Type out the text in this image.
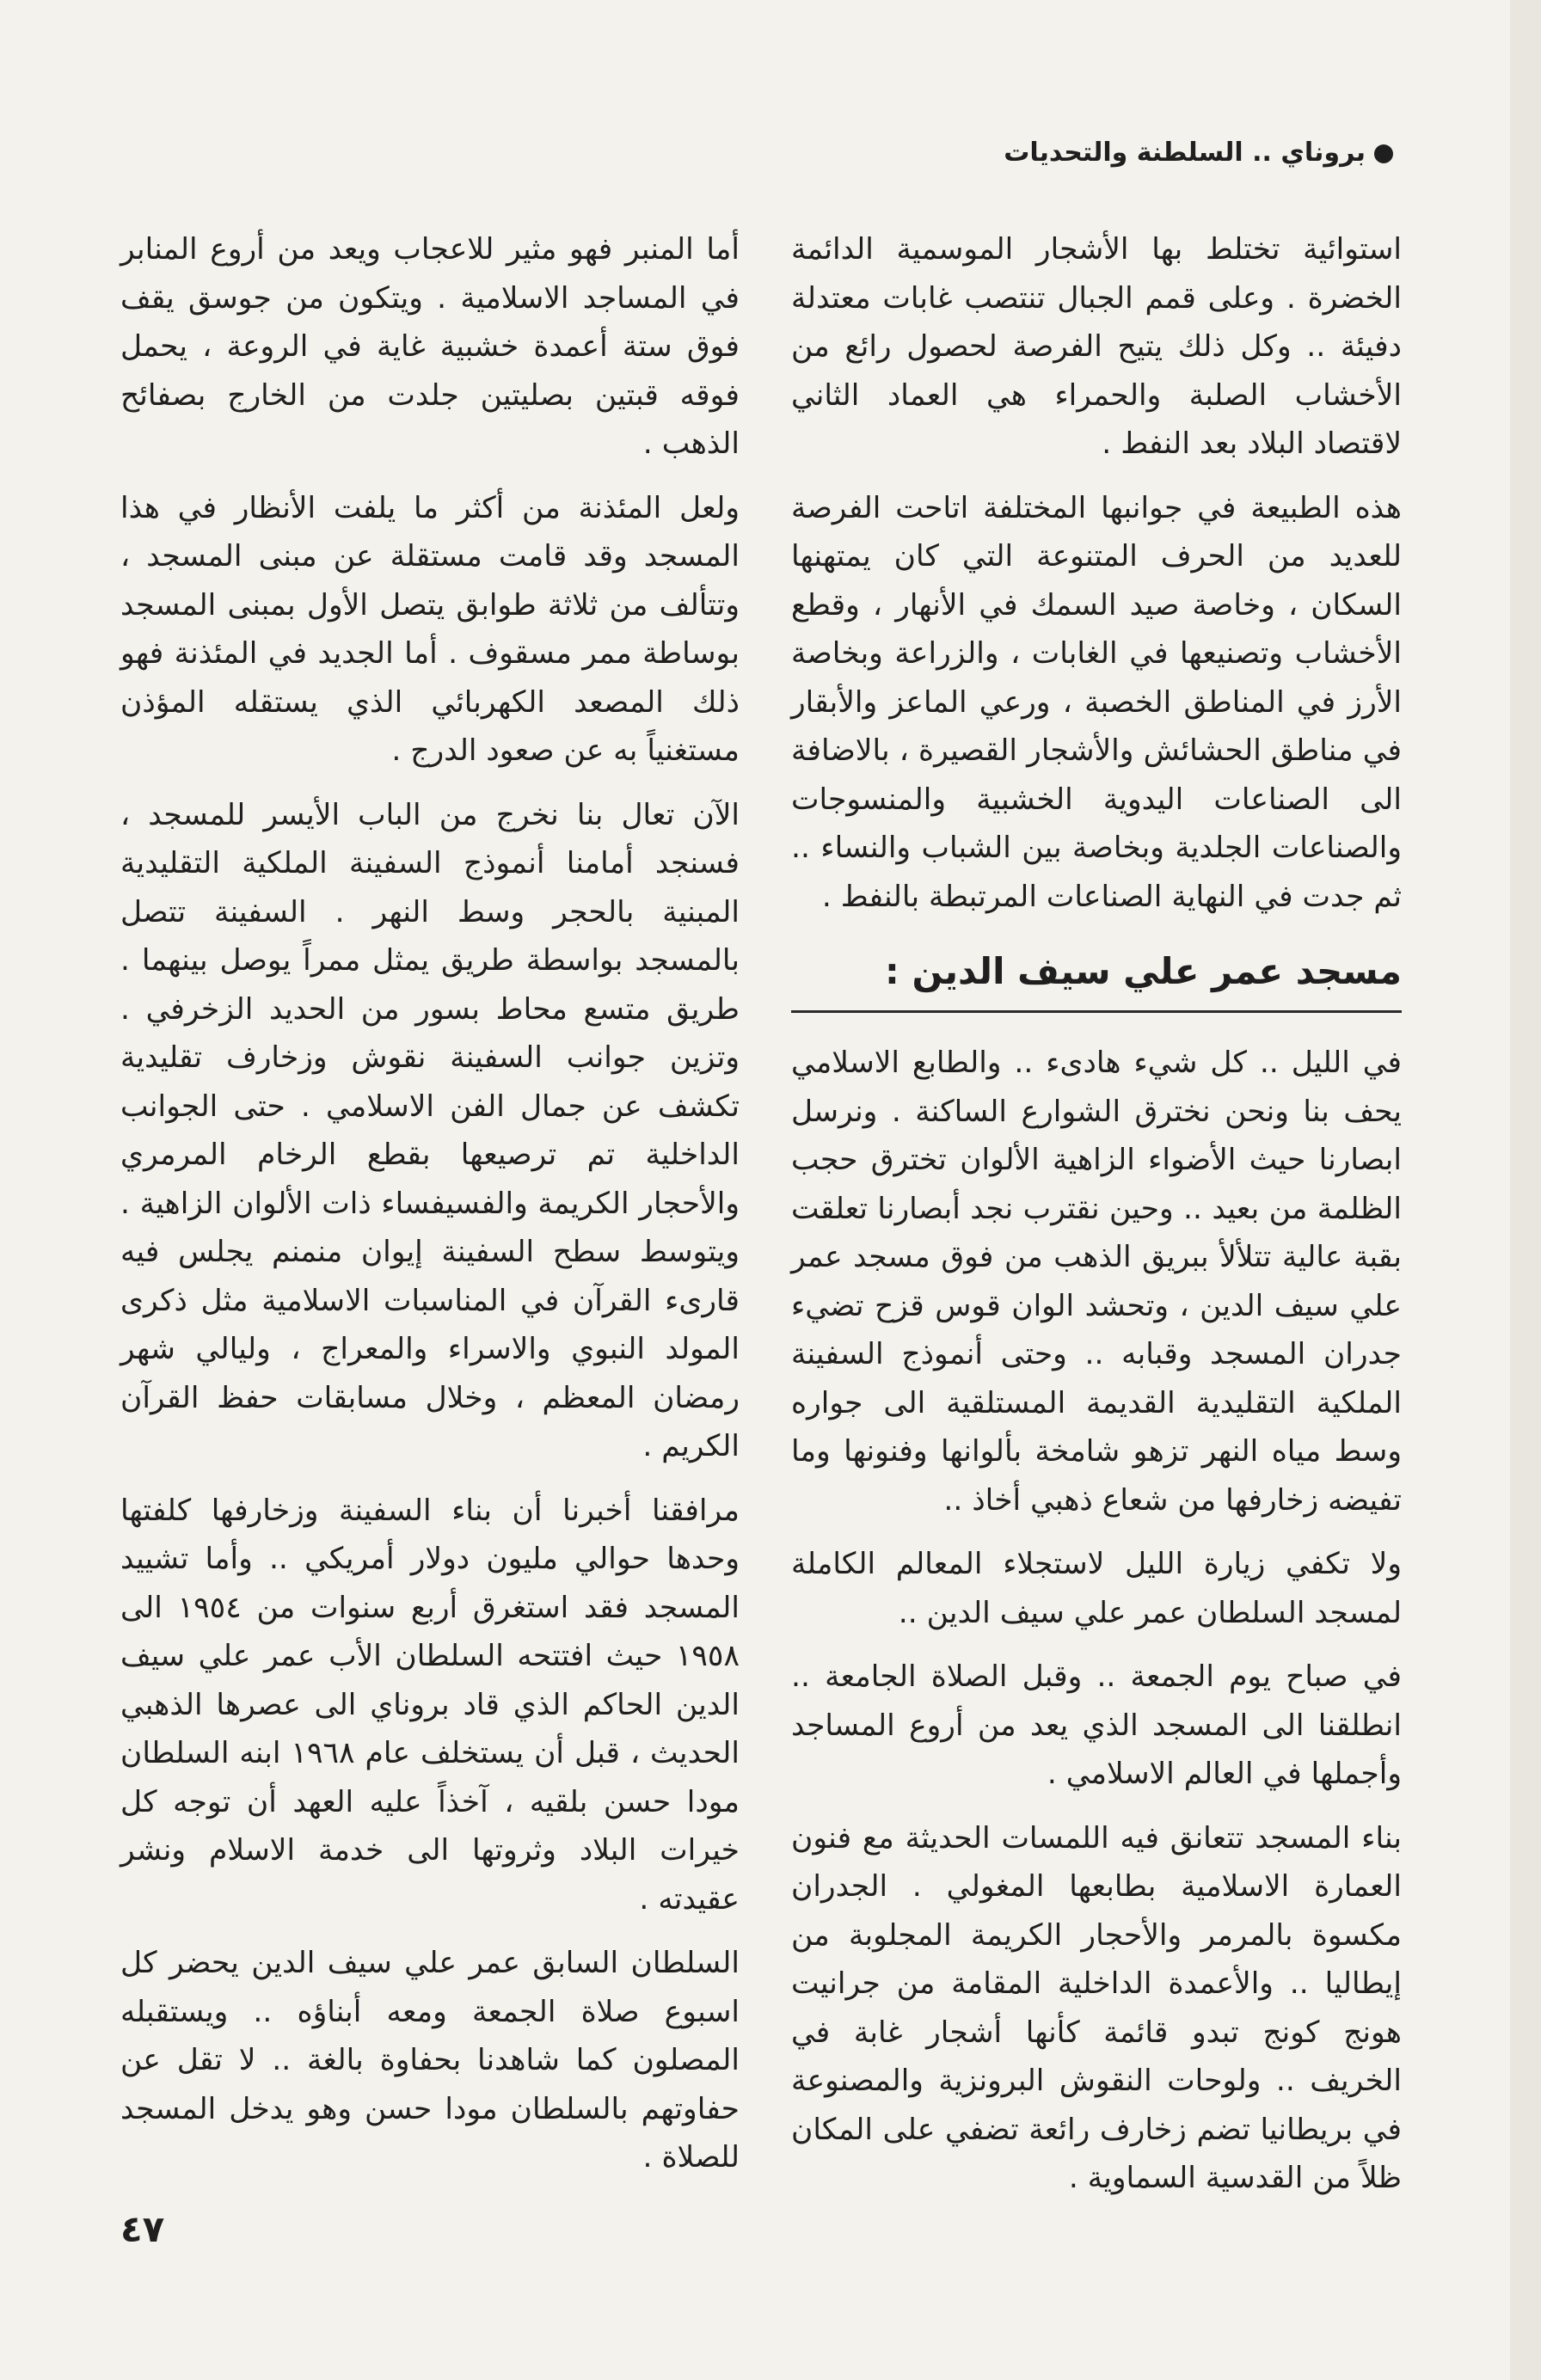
بروناي .. السلطنة والتحديات

استوائية تختلط بها الأشجار الموسمية الدائمة الخضرة . وعلى قمم الجبال تنتصب غابات معتدلة دفيئة .. وكل ذلك يتيح الفرصة لحصول رائع من الأخشاب الصلبة والحمراء هي العماد الثاني لاقتصاد البلاد بعد النفط .

هذه الطبيعة في جوانبها المختلفة اتاحت الفرصة للعديد من الحرف المتنوعة التي كان يمتهنها السكان ، وخاصة صيد السمك في الأنهار ، وقطع الأخشاب وتصنيعها في الغابات ، والزراعة وبخاصة الأرز في المناطق الخصبة ، ورعي الماعز والأبقار في مناطق الحشائش والأشجار القصيرة ، بالاضافة الى الصناعات اليدوية الخشبية والمنسوجات والصناعات الجلدية وبخاصة بين الشباب والنساء .. ثم جدت في النهاية الصناعات المرتبطة بالنفط .

مسجد عمر علي سيف الدين :

في الليل .. كل شيء هادىء .. والطابع الاسلامي يحف بنا ونحن نخترق الشوارع الساكنة . ونرسل ابصارنا حيث الأضواء الزاهية الألوان تخترق حجب الظلمة من بعيد .. وحين نقترب نجد أبصارنا تعلقت بقبة عالية تتلألأ ببريق الذهب من فوق مسجد عمر علي سيف الدين ، وتحشد الوان قوس قزح تضيء جدران المسجد وقبابه .. وحتى أنموذج السفينة الملكية التقليدية القديمة المستلقية الى جواره وسط مياه النهر تزهو شامخة بألوانها وفنونها وما تفيضه زخارفها من شعاع ذهبي أخاذ ..

ولا تكفي زيارة الليل لاستجلاء المعالم الكاملة لمسجد السلطان عمر علي سيف الدين ..

في صباح يوم الجمعة .. وقبل الصلاة الجامعة .. انطلقنا الى المسجد الذي يعد من أروع المساجد وأجملها في العالم الاسلامي .

بناء المسجد تتعانق فيه اللمسات الحديثة مع فنون العمارة الاسلامية بطابعها المغولي . الجدران مكسوة بالمرمر والأحجار الكريمة المجلوبة من إيطاليا .. والأعمدة الداخلية المقامة من جرانيت هونج كونج تبدو قائمة كأنها أشجار غابة في الخريف .. ولوحات النقوش البرونزية والمصنوعة في بريطانيا تضم زخارف رائعة تضفي على المكان ظلاً من القدسية السماوية .

أما المنبر فهو مثير للاعجاب ويعد من أروع المنابر في المساجد الاسلامية . ويتكون من جوسق يقف فوق ستة أعمدة خشبية غاية في الروعة ، يحمل فوقه قبتين بصليتين جلدت من الخارج بصفائح الذهب .

ولعل المئذنة من أكثر ما يلفت الأنظار في هذا المسجد وقد قامت مستقلة عن مبنى المسجد ، وتتألف من ثلاثة طوابق يتصل الأول بمبنى المسجد بوساطة ممر مسقوف . أما الجديد في المئذنة فهو ذلك المصعد الكهربائي الذي يستقله المؤذن مستغنياً به عن صعود الدرج .

الآن تعال بنا نخرج من الباب الأيسر للمسجد ، فسنجد أمامنا أنموذج السفينة الملكية التقليدية المبنية بالحجر وسط النهر . السفينة تتصل بالمسجد بواسطة طريق يمثل ممراً يوصل بينهما . طريق متسع محاط بسور من الحديد الزخرفي . وتزين جوانب السفينة نقوش وزخارف تقليدية تكشف عن جمال الفن الاسلامي . حتى الجوانب الداخلية تم ترصيعها بقطع الرخام المرمري والأحجار الكريمة والفسيفساء ذات الألوان الزاهية . ويتوسط سطح السفينة إيوان منمنم يجلس فيه قارىء القرآن في المناسبات الاسلامية مثل ذكرى المولد النبوي والاسراء والمعراج ، وليالي شهر رمضان المعظم ، وخلال مسابقات حفظ القرآن الكريم .

مرافقنا أخبرنا أن بناء السفينة وزخارفها كلفتها وحدها حوالي مليون دولار أمريكي .. وأما تشييد المسجد فقد استغرق أربع سنوات من ١٩٥٤ الى ١٩٥٨ حيث افتتحه السلطان الأب عمر علي سيف الدين الحاكم الذي قاد بروناي الى عصرها الذهبي الحديث ، قبل أن يستخلف عام ١٩٦٨ ابنه السلطان مودا حسن بلقيه ، آخذاً عليه العهد أن توجه كل خيرات البلاد وثروتها الى خدمة الاسلام ونشر عقيدته .

السلطان السابق عمر علي سيف الدين يحضر كل اسبوع صلاة الجمعة ومعه أبناؤه .. ويستقبله المصلون كما شاهدنا بحفاوة بالغة .. لا تقل عن حفاوتهم بالسلطان مودا حسن وهو يدخل المسجد للصلاة .

٤٧
